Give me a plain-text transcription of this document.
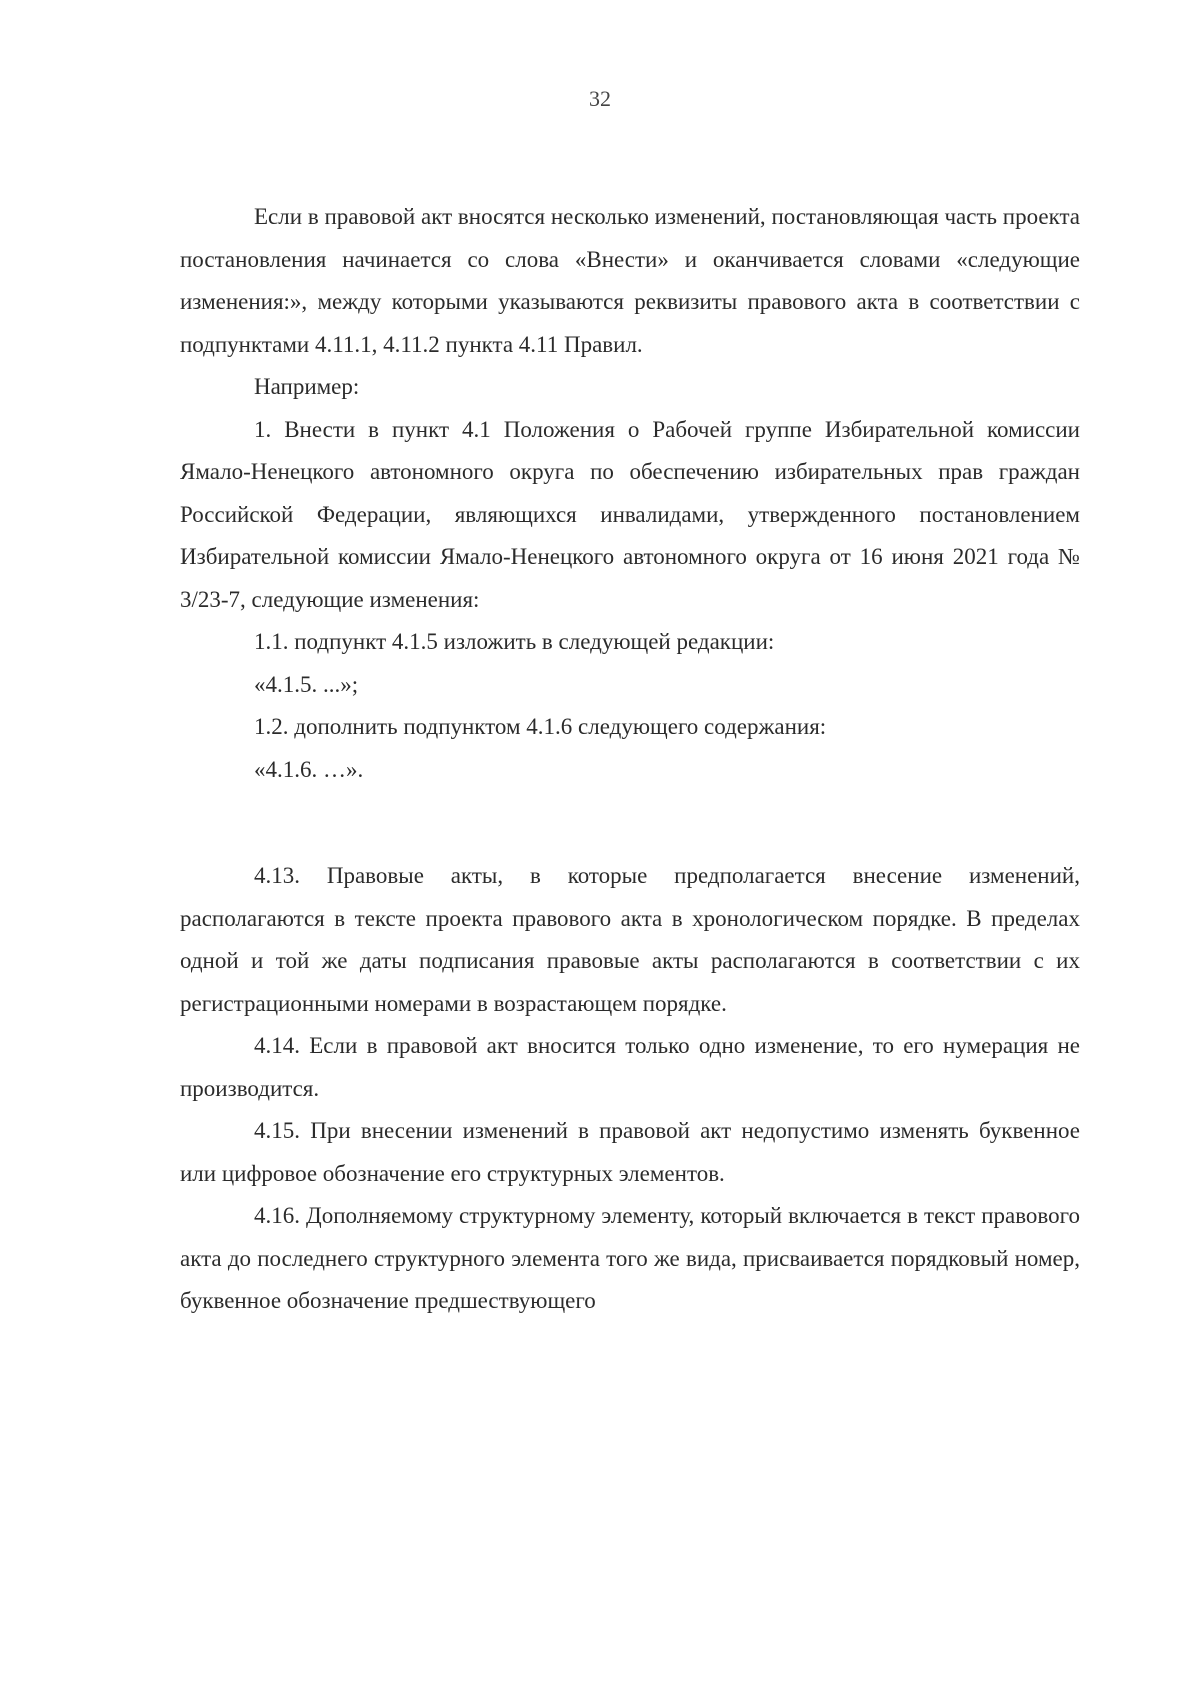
32

Если в правовой акт вносятся несколько изменений, постановляющая часть проекта постановления начинается со слова «Внести» и оканчивается словами «следующие изменения:», между которыми указываются реквизиты правового акта в соответствии с подпунктами 4.11.1, 4.11.2 пункта 4.11 Правил.

Например:

1. Внести в пункт 4.1 Положения о Рабочей группе Избирательной комиссии Ямало-Ненецкого автономного округа по обеспечению избирательных прав граждан Российской Федерации, являющихся инвалидами, утвержденного постановлением Избирательной комиссии Ямало-Ненецкого автономного округа от 16 июня 2021 года № 3/23-7, следующие изменения:

1.1. подпункт 4.1.5 изложить в следующей редакции:

«4.1.5. ...»;

1.2. дополнить подпунктом 4.1.6 следующего содержания:

«4.1.6. …».

4.13. Правовые акты, в которые предполагается внесение изменений, располагаются в тексте проекта правового акта в хронологическом порядке. В пределах одной и той же даты подписания правовые акты располагаются в соответствии с их регистрационными номерами в возрастающем порядке.

4.14. Если в правовой акт вносится только одно изменение, то его нумерация не производится.

4.15. При внесении изменений в правовой акт недопустимо изменять буквенное или цифровое обозначение его структурных элементов.

4.16. Дополняемому структурному элементу, который включается в текст правового акта до последнего структурного элемента того же вида, присваивается порядковый номер, буквенное обозначение предшествующего
